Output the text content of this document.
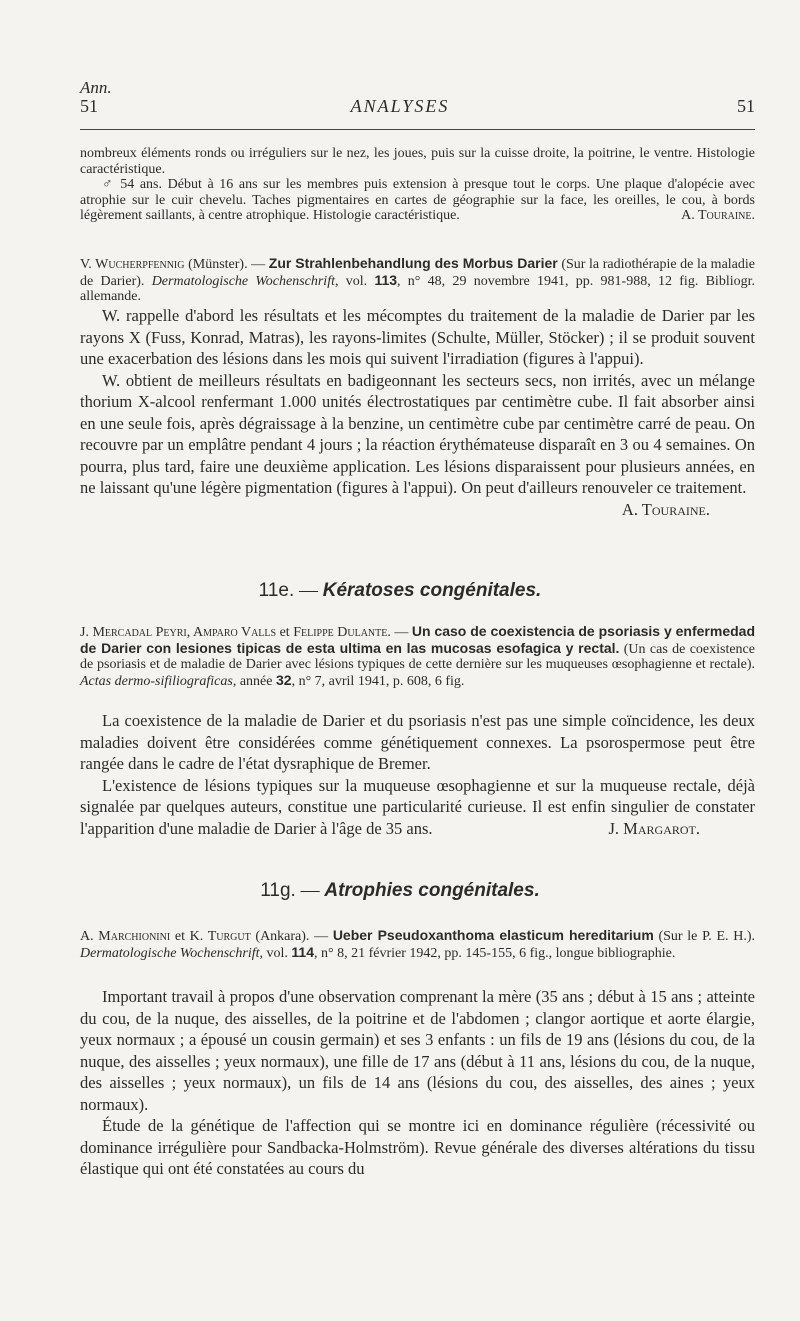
Ann.
51	ANALYSES	51

nombreux éléments ronds ou irréguliers sur le nez, les joues, puis sur la cuisse droite, la poitrine, le ventre. Histologie caractéristique.

♂ 54 ans. Début à 16 ans sur les membres puis extension à presque tout le corps. Une plaque d'alopécie avec atrophie sur le cuir chevelu. Taches pigmentaires en cartes de géographie sur la face, les oreilles, le cou, à bords légèrement saillants, à centre atrophique. Histologie caractéristique.	A. Touraine.

V. Wucherpfennig (Münster). — Zur Strahlenbehandlung des Morbus Darier (Sur la radiothérapie de la maladie de Darier). Dermatologische Wochenschrift, vol. 113, n° 48, 29 novembre 1941, pp. 981-988, 12 fig. Bibliogr. allemande.

W. rappelle d'abord les résultats et les mécomptes du traitement de la maladie de Darier par les rayons X (Fuss, Konrad, Matras), les rayons-limites (Schulte, Müller, Stöcker) ; il se produit souvent une exacerbation des lésions dans les mois qui suivent l'irradiation (figures à l'appui).

W. obtient de meilleurs résultats en badigeonnant les secteurs secs, non irrités, avec un mélange thorium X-alcool renfermant 1.000 unités électrostatiques par centimètre cube. Il fait absorber ainsi en une seule fois, après dégraissage à la benzine, un centimètre cube par centimètre carré de peau. On recouvre par un emplâtre pendant 4 jours ; la réaction érythémateuse disparaît en 3 ou 4 semaines. On pourra, plus tard, faire une deuxième application. Les lésions disparaissent pour plusieurs années, en ne laissant qu'une légère pigmentation (figures à l'appui). On peut d'ailleurs renouveler ce traitement.
A. Touraine.

11e. — Kératoses congénitales.

J. Mercadal Peyri, Amparo Valls et Felippe Dulante. — Un caso de coexistencia de psoriasis y enfermedad de Darier con lesiones tipicas de esta ultima en las mucosas esofagica y rectal. (Un cas de coexistence de psoriasis et de maladie de Darier avec lésions typiques de cette dernière sur les muqueuses œsophagienne et rectale). Actas dermo-sifiliograficas, année 32, n° 7, avril 1941, p. 608, 6 fig.

La coexistence de la maladie de Darier et du psoriasis n'est pas une simple coïncidence, les deux maladies doivent être considérées comme génétiquement connexes. La psorospermose peut être rangée dans le cadre de l'état dysraphique de Bremer.

L'existence de lésions typiques sur la muqueuse œsophagienne et sur la muqueuse rectale, déjà signalée par quelques auteurs, constitue une particularité curieuse. Il est enfin singulier de constater l'apparition d'une maladie de Darier à l'âge de 35 ans.	J. Margarot.

11g. — Atrophies congénitales.

A. Marchionini et K. Turgut (Ankara). — Ueber Pseudoxanthoma elasticum hereditarium (Sur le P. E. H.). Dermatologische Wochenschrift, vol. 114, n° 8, 21 février 1942, pp. 145-155, 6 fig., longue bibliographie.

Important travail à propos d'une observation comprenant la mère (35 ans ; début à 15 ans ; atteinte du cou, de la nuque, des aisselles, de la poitrine et de l'abdomen ; clangor aortique et aorte élargie, yeux normaux ; a épousé un cousin germain) et ses 3 enfants : un fils de 19 ans (lésions du cou, de la nuque, des aisselles ; yeux normaux), une fille de 17 ans (début à 11 ans, lésions du cou, de la nuque, des aisselles ; yeux normaux), un fils de 14 ans (lésions du cou, des aisselles, des aines ; yeux normaux).

Étude de la génétique de l'affection qui se montre ici en dominance régulière (récessivité ou dominance irrégulière pour Sandbacka-Holmström). Revue générale des diverses altérations du tissu élastique qui ont été constatées au cours du
